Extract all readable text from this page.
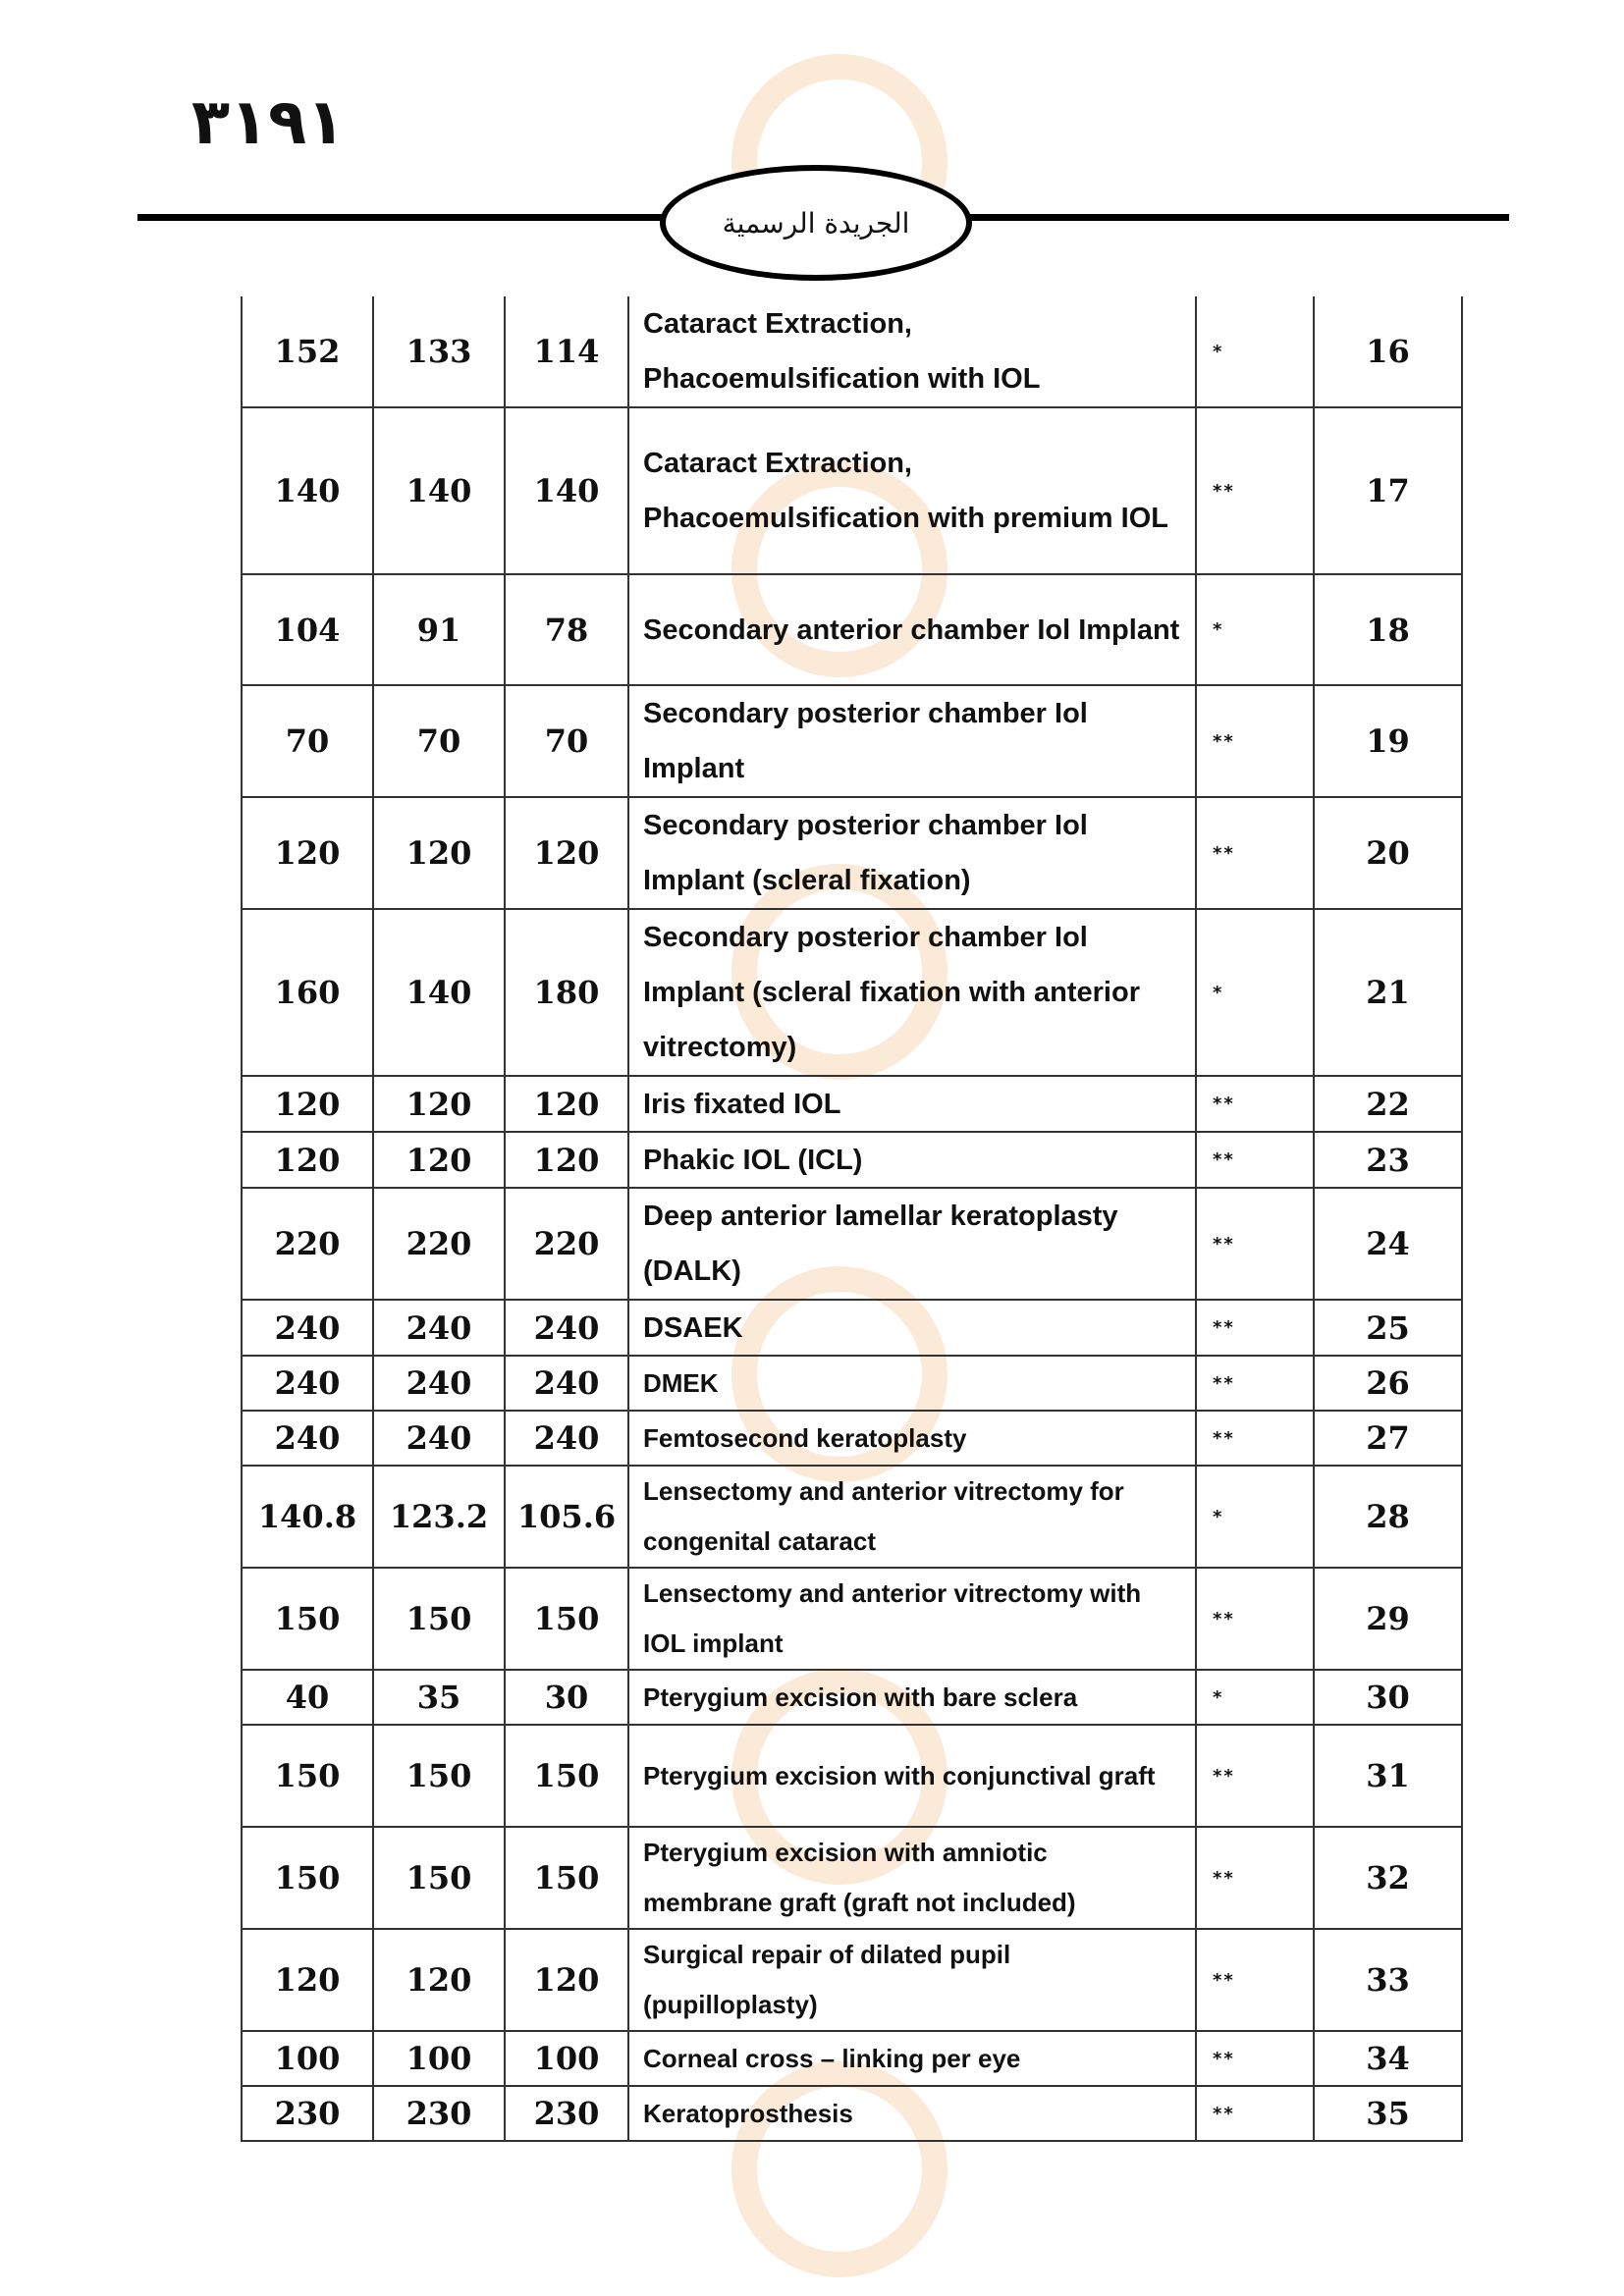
٣١٩١
الجريدة الرسمية
152	133	114	Cataract Extraction, Phacoemulsification with IOL	*	16
140	140	140	Cataract Extraction, Phacoemulsification with premium IOL	**	17
104	91	78	Secondary anterior chamber Iol Implant	*	18
70	70	70	Secondary posterior chamber Iol Implant	**	19
120	120	120	Secondary posterior chamber Iol Implant (scleral fixation)	**	20
160	140	180	Secondary posterior chamber Iol Implant (scleral fixation with anterior vitrectomy)	*	21
120	120	120	Iris fixated IOL	**	22
120	120	120	Phakic IOL (ICL)	**	23
220	220	220	Deep anterior lamellar keratoplasty (DALK)	**	24
240	240	240	DSAEK	**	25
240	240	240	DMEK	**	26
240	240	240	Femtosecond keratoplasty	**	27
140.8	123.2	105.6	Lensectomy and anterior vitrectomy for congenital cataract	*	28
150	150	150	Lensectomy and anterior vitrectomy with IOL implant	**	29
40	35	30	Pterygium excision with bare sclera	*	30
150	150	150	Pterygium excision with conjunctival graft	**	31
150	150	150	Pterygium excision with amniotic membrane graft (graft not included)	**	32
120	120	120	Surgical repair of dilated pupil (pupilloplasty)	**	33
100	100	100	Corneal cross – linking per eye	**	34
230	230	230	Keratoprosthesis	**	35
